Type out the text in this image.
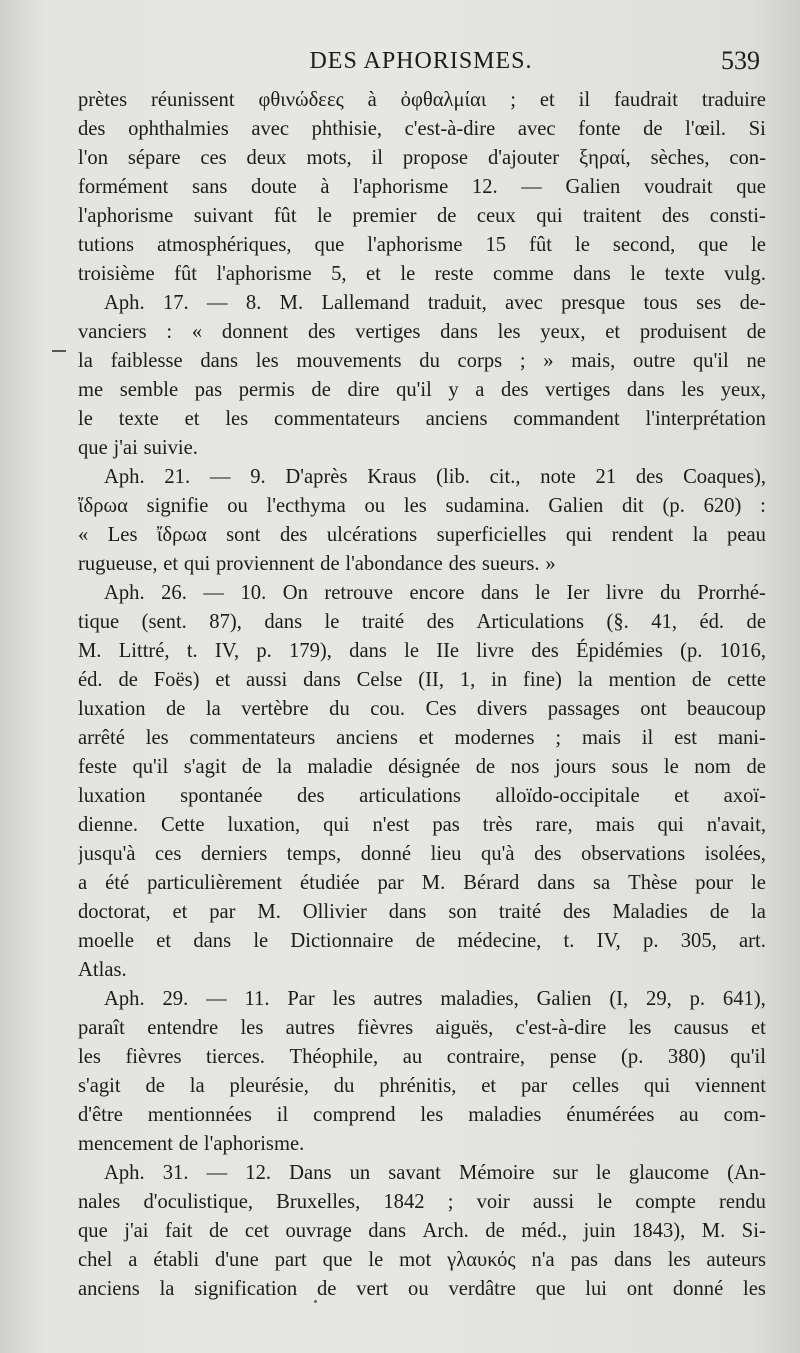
DES APHORISMES.	539
prètes réunissent φθινώδεες à ὀφθαλμίαι ; et il faudrait traduire
des ophthalmies avec phthisie, c'est-à-dire avec fonte de l'œil. Si
l'on sépare ces deux mots, il propose d'ajouter ξηραί, sèches, con-
formément sans doute à l'aphorisme 12. — Galien voudrait que
l'aphorisme suivant fût le premier de ceux qui traitent des consti-
tutions atmosphériques, que l'aphorisme 15 fût le second, que le
troisième fût l'aphorisme 5, et le reste comme dans le texte vulg.
Aph. 17. — 8. M. Lallemand traduit, avec presque tous ses de-
vanciers : « donnent des vertiges dans les yeux, et produisent de
la faiblesse dans les mouvements du corps ; » mais, outre qu'il ne
me semble pas permis de dire qu'il y a des vertiges dans les yeux,
le texte et les commentateurs anciens commandent l'interprétation
que j'ai suivie.
Aph. 21. — 9. D'après Kraus (lib. cit., note 21 des Coaques),
ἴδρωα signifie ou l'ecthyma ou les sudamina. Galien dit (p. 620) :
« Les ἴδρωα sont des ulcérations superficielles qui rendent la peau
rugueuse, et qui proviennent de l'abondance des sueurs. »
Aph. 26. — 10. On retrouve encore dans le Ier livre du Prorrhé-
tique (sent. 87), dans le traité des Articulations (§. 41, éd. de
M. Littré, t. IV, p. 179), dans le IIe livre des Épidémies (p. 1016,
éd. de Foës) et aussi dans Celse (II, 1, in fine) la mention de cette
luxation de la vertèbre du cou. Ces divers passages ont beaucoup
arrêté les commentateurs anciens et modernes ; mais il est mani-
feste qu'il s'agit de la maladie désignée de nos jours sous le nom de
luxation spontanée des articulations alloïdo-occipitale et axoï-
dienne. Cette luxation, qui n'est pas très rare, mais qui n'avait,
jusqu'à ces derniers temps, donné lieu qu'à des observations isolées,
a été particulièrement étudiée par M. Bérard dans sa Thèse pour le
doctorat, et par M. Ollivier dans son traité des Maladies de la
moelle et dans le Dictionnaire de médecine, t. IV, p. 305, art.
Atlas.
Aph. 29. — 11. Par les autres maladies, Galien (I, 29, p. 641),
paraît entendre les autres fièvres aiguës, c'est-à-dire les causus et
les fièvres tierces. Théophile, au contraire, pense (p. 380) qu'il
s'agit de la pleurésie, du phrénitis, et par celles qui viennent
d'être mentionnées il comprend les maladies énumérées au com-
mencement de l'aphorisme.
Aph. 31. — 12. Dans un savant Mémoire sur le glaucome (An-
nales d'oculistique, Bruxelles, 1842 ; voir aussi le compte rendu
que j'ai fait de cet ouvrage dans Arch. de méd., juin 1843), M. Si-
chel a établi d'une part que le mot γλαυκός n'a pas dans les auteurs
anciens la signification de vert ou verdâtre que lui ont donné les
